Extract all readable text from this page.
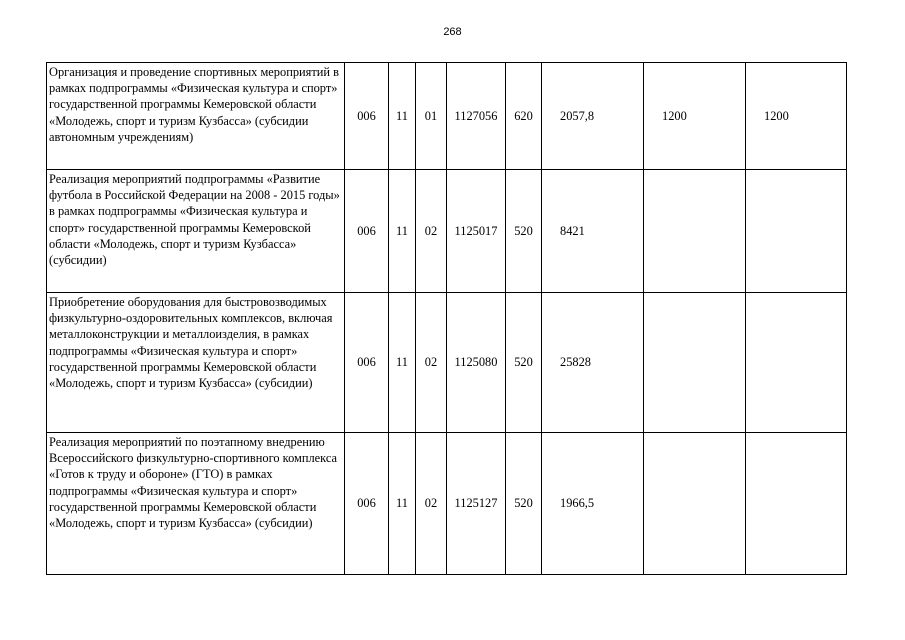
268
Организация и проведение спортивных мероприятий в рамках подпрограммы «Физическая культура и спорт» государственной программы Кемеровской области «Молодежь, спорт и туризм Кузбасса» (субсидии автономным учреждениям)	006	11	01	1127056	620	2057,8	1200	1200
Реализация мероприятий подпрограммы «Развитие футбола в Российской Федерации на 2008 - 2015 годы» в рамках подпрограммы «Физическая культура и спорт» государственной программы Кемеровской области «Молодежь, спорт и туризм Кузбасса» (субсидии)	006	11	02	1125017	520	8421		
Приобретение оборудования для быстровозводимых физкультурно-оздоровительных комплексов, включая металлоконструкции и металлоизделия, в рамках подпрограммы «Физическая культура и спорт» государственной программы Кемеровской области «Молодежь, спорт и туризм Кузбасса» (субсидии)	006	11	02	1125080	520	25828		
Реализация мероприятий по поэтапному внедрению Всероссийского физкультурно-спортивного комплекса «Готов к труду и обороне» (ГТО) в рамках подпрограммы «Физическая культура и спорт» государственной программы Кемеровской области «Молодежь, спорт и туризм Кузбасса» (субсидии)	006	11	02	1125127	520	1966,5		
